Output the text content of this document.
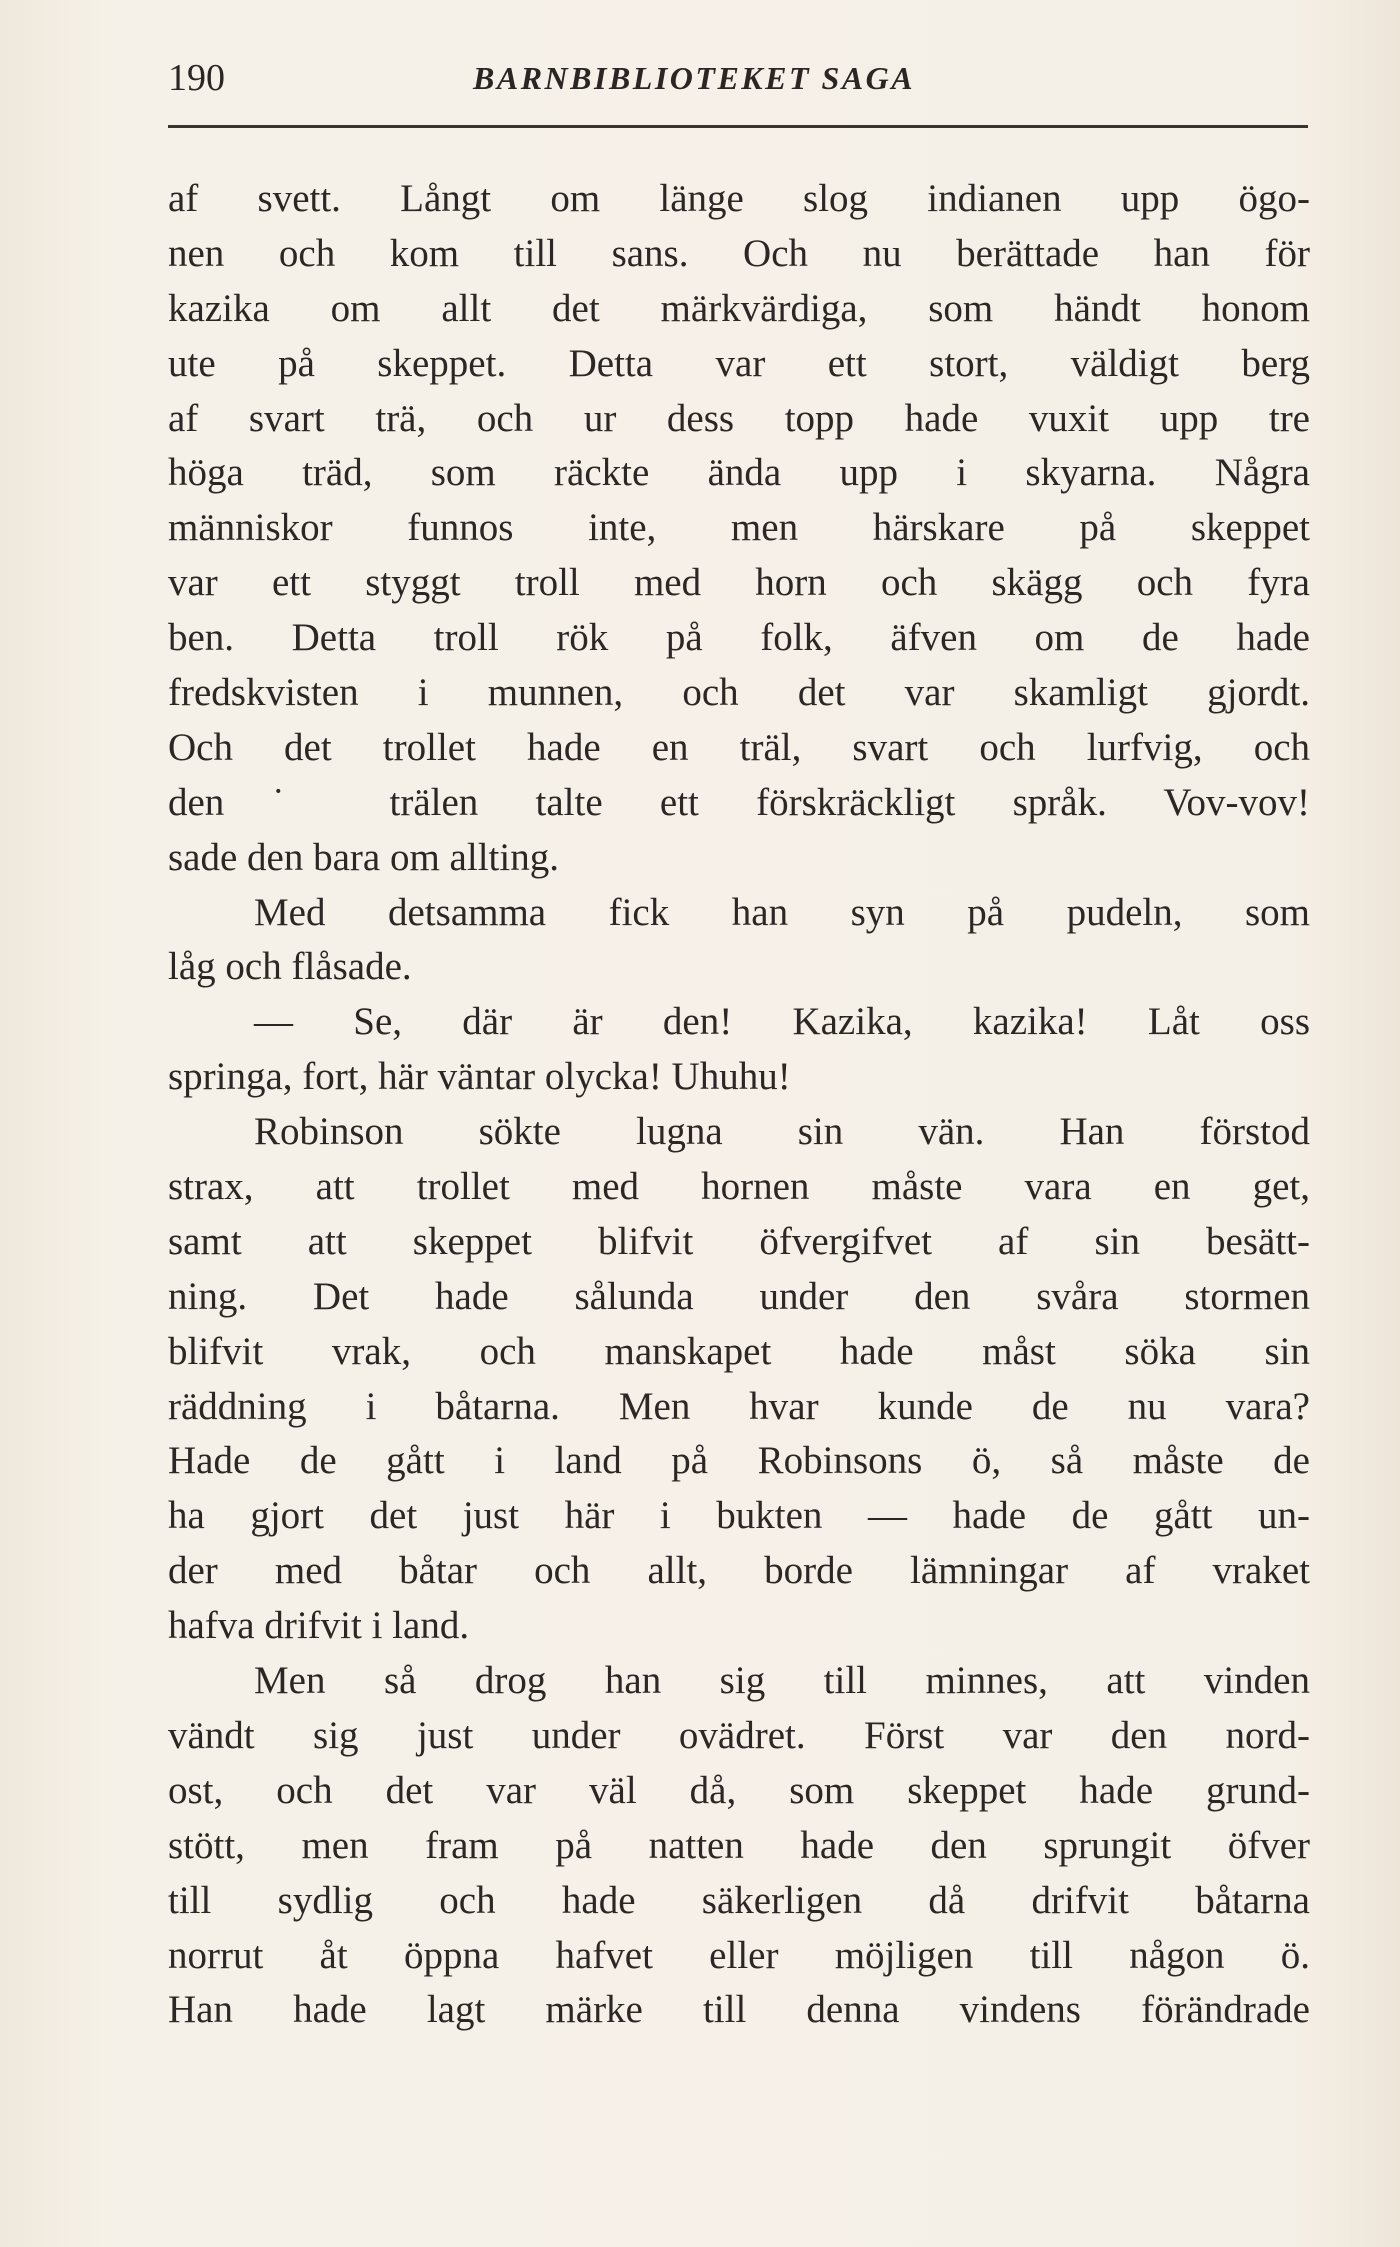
190	BARNBIBLIOTEKET SAGA
af svett. Långt om länge slog indianen upp ögo-
nen och kom till sans. Och nu berättade han för
kazika om allt det märkvärdiga, som händt honom
ute på skeppet. Detta var ett stort, väldigt berg
af svart trä, och ur dess topp hade vuxit upp tre
höga träd, som räckte ända upp i skyarna. Några
människor funnos inte, men härskare på skeppet
var ett styggt troll med horn och skägg och fyra
ben. Detta troll rök på folk, äfven om de hade
fredskvisten i munnen, och det var skamligt gjordt.
Och det trollet hade en träl, svart och lurfvig, och
den˙ trälen talte ett förskräckligt språk. Vov-vov!
sade den bara om allting.
Med detsamma fick han syn på pudeln, som
låg och flåsade.
— Se, där är den! Kazika, kazika! Låt oss
springa, fort, här väntar olycka! Uhuhu!
Robinson sökte lugna sin vän. Han förstod
strax, att trollet med hornen måste vara en get,
samt att skeppet blifvit öfvergifvet af sin besätt-
ning. Det hade sålunda under den svåra stormen
blifvit vrak, och manskapet hade måst söka sin
räddning i båtarna. Men hvar kunde de nu vara?
Hade de gått i land på Robinsons ö, så måste de
ha gjort det just här i bukten — hade de gått un-
der med båtar och allt, borde lämningar af vraket
hafva drifvit i land.
Men så drog han sig till minnes, att vinden
vändt sig just under ovädret. Först var den nord-
ost, och det var väl då, som skeppet hade grund-
stött, men fram på natten hade den sprungit öfver
till sydlig och hade säkerligen då drifvit båtarna
norrut åt öppna hafvet eller möjligen till någon ö.
Han hade lagt märke till denna vindens förändrade
